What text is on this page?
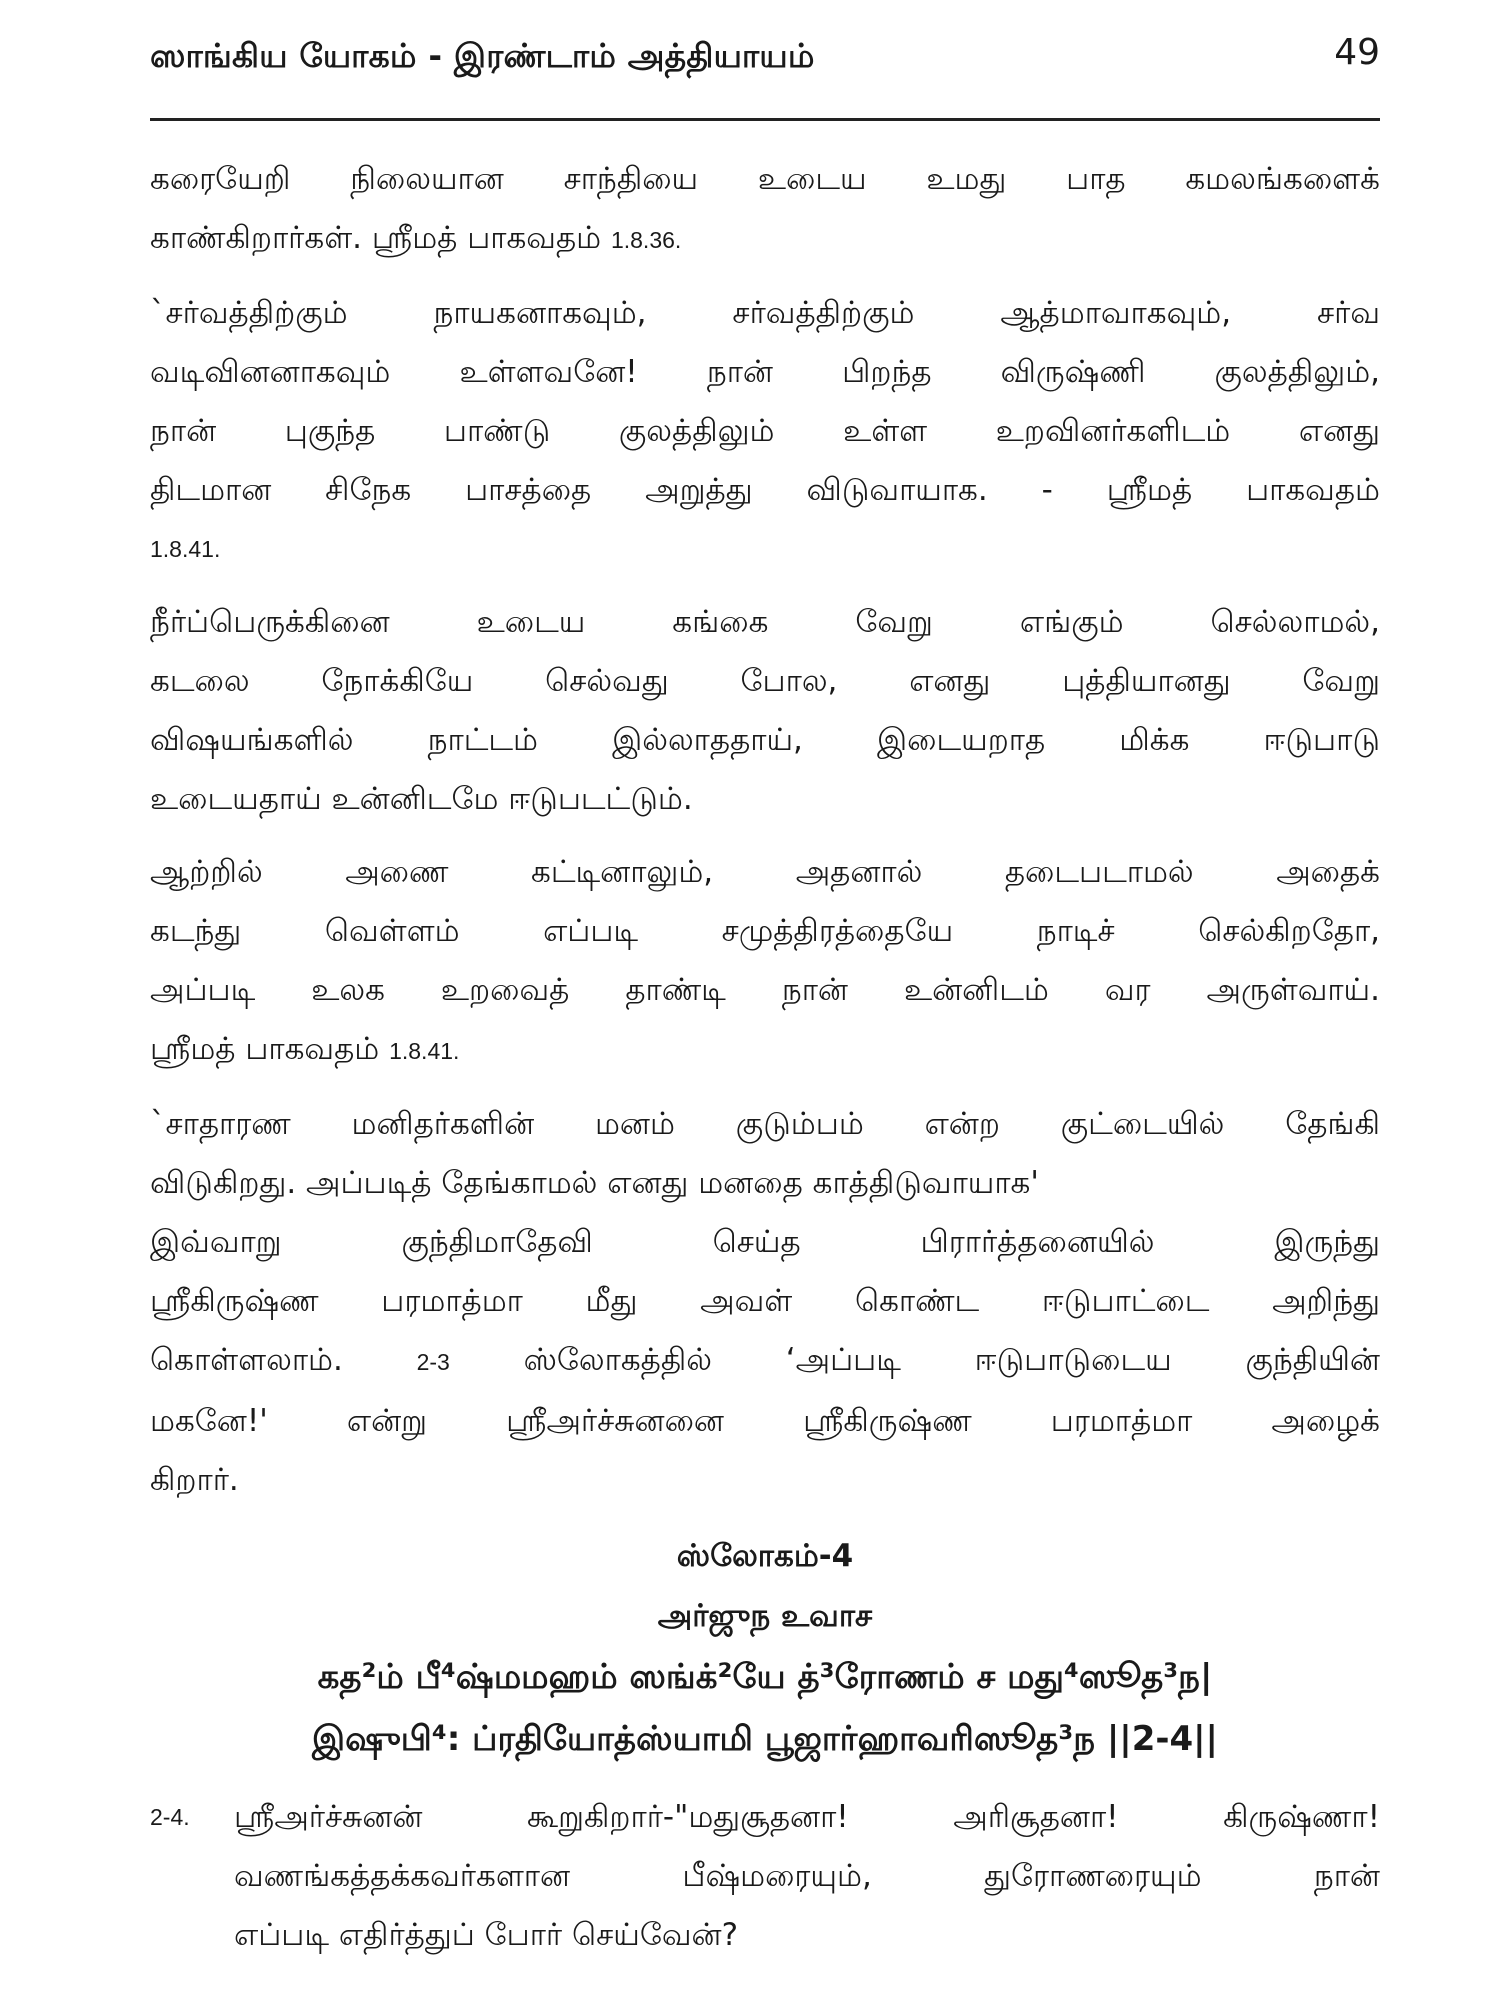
ஸாங்கிய யோகம் - இரண்டாம் அத்தியாயம்	49

கரையேறி நிலையான சாந்தியை உடைய உமது பாத கமலங்களைக்
காண்கிறார்கள். ஸ்ரீமத் பாகவதம் 1.8.36.

`சர்வத்திற்கும் நாயகனாகவும், சர்வத்திற்கும் ஆத்மாவாகவும், சர்வ
வடிவினனாகவும் உள்ளவனே! நான் பிறந்த விருஷ்ணி குலத்திலும்,
நான் புகுந்த பாண்டு குலத்திலும் உள்ள உறவினர்களிடம் எனது
திடமான சிநேக பாசத்தை அறுத்து விடுவாயாக. - ஸ்ரீமத் பாகவதம்
1.8.41.

நீர்ப்பெருக்கினை உடைய கங்கை வேறு எங்கும் செல்லாமல்,
கடலை நோக்கியே செல்வது போல, எனது புத்தியானது வேறு
விஷயங்களில் நாட்டம் இல்லாததாய், இடையறாத மிக்க ஈடுபாடு
உடையதாய் உன்னிடமே ஈடுபடட்டும்.

ஆற்றில் அணை கட்டினாலும், அதனால் தடைபடாமல் அதைக்
கடந்து வெள்ளம் எப்படி சமுத்திரத்தையே நாடிச் செல்கிறதோ,
அப்படி உலக உறவைத் தாண்டி நான் உன்னிடம் வர அருள்வாய்.
ஸ்ரீமத் பாகவதம் 1.8.41.

`சாதாரண மனிதர்களின் மனம் குடும்பம் என்ற குட்டையில் தேங்கி
விடுகிறது. அப்படித் தேங்காமல் எனது மனதை காத்திடுவாயாக'
இவ்வாறு குந்திமாதேவி செய்த பிரார்த்தனையில் இருந்து
ஸ்ரீகிருஷ்ண பரமாத்மா மீது அவள் கொண்ட ஈடுபாட்டை அறிந்து
கொள்ளலாம்.	2-3 ஸ்லோகத்தில் ‘அப்படி ஈடுபாடுடைய குந்தியின்
மகனே!' என்று ஸ்ரீஅர்ச்சுனனை ஸ்ரீகிருஷ்ண பரமாத்மா அழைக்
கிறார்.

ஸ்லோகம்-4

அர்ஜுந உவாச

கத²ம் பீ⁴ஷ்மமஹம் ஸங்க்²யே த்³ரோணம் ச மது⁴ஸூத³ந|

இஷுபி⁴: ப்ரதியோத்ஸ்யாமி பூஜார்ஹாவரிஸூத³ந ||2-4||

2-4. ஸ்ரீஅர்ச்சுனன் கூறுகிறார்-"மதுசூதனா! அரிசூதனா! கிருஷ்ணா!
வணங்கத்தக்கவர்களான பீஷ்மரையும், துரோணரையும் நான்
எப்படி எதிர்த்துப் போர் செய்வேன்?
